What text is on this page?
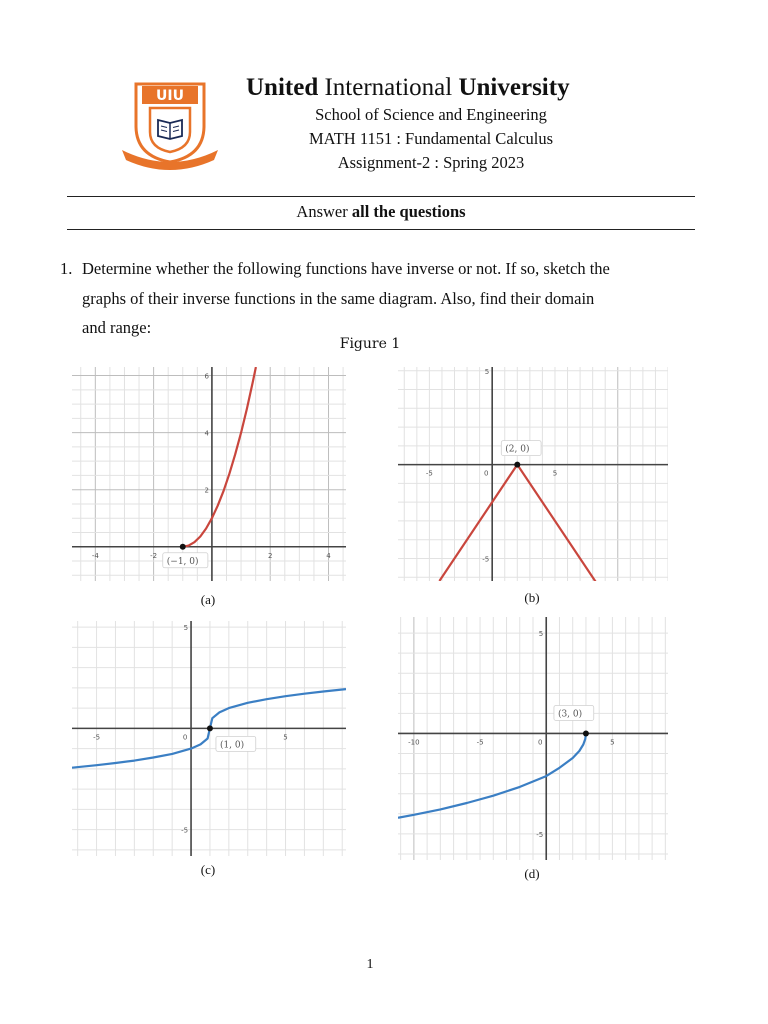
UIU United International University
School of Science and Engineering
MATH 1151 : Fundamental Calculus
Assignment-2 : Spring 2023
Answer all the questions
1. Determine whether the following functions have inverse or not. If so, sketch the
graphs of their inverse functions in the same diagram. Also, find their domain
and range:
Figure 1
-4	-2	2	4
2
4
6
(−1, 0)
(a)
-5	0	5
5
-5
(2, 0)
(b)
-5	0	5
5
-5
(1, 0)
(c)
-10	-5	0	5
5
-5
(3, 0)
(d)
1
